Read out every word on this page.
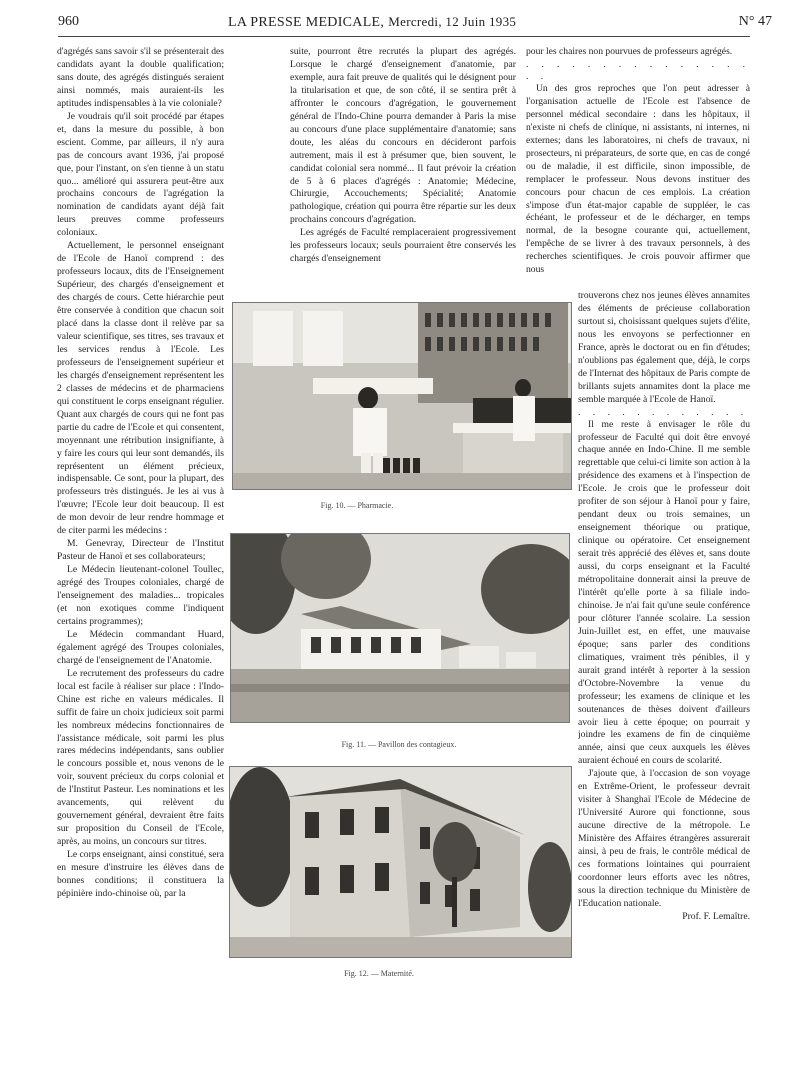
960	LA PRESSE MEDICALE, Mercredi, 12 Juin 1935	N° 47

d'agrégés sans savoir s'il se présenterait des candidats ayant la double qualification; sans doute, des agrégés distingués seraient ainsi nommés, mais auraient-ils les aptitudes indispensables à la vie coloniale?

Je voudrais qu'il soit procédé par étapes et, dans la mesure du possible, à bon escient. Comme, par ailleurs, il n'y aura pas de concours avant 1936, j'ai proposé que, pour l'instant, on s'en tienne à un statu quo... amélioré qui assurera peut-être aux prochains concours de l'agrégation la nomination de candidats ayant déjà fait leurs preuves comme professeurs coloniaux.

Actuellement, le personnel enseignant de l'Ecole de Hanoï comprend : des professeurs locaux, dits de l'Enseignement Supérieur, des chargés d'enseignement et des chargés de cours. Cette hiérarchie peut être conservée à condition que chacun soit placé dans la classe dont il relève par sa valeur scientifique, ses titres, ses travaux et les services rendus à l'Ecole. Les professeurs de l'enseignement supérieur et les chargés d'enseignement représentent les 2 classes de médecins et de pharmaciens qui constituent le corps enseignant régulier. Quant aux chargés de cours qui ne font pas partie du cadre de l'Ecole et qui consentent, moyennant une rétribution insignifiante, à y faire les cours qui leur sont demandés, ils représentent un élément précieux, indispensable. Ce sont, pour la plupart, des professeurs très distingués. Je les ai vus à l'œuvre; l'Ecole leur doit beaucoup. Il est de mon devoir de leur rendre hommage et de citer parmi les médecins :

M. Genevray, Directeur de l'Institut Pasteur de Hanoï et ses collaborateurs;

Le Médecin lieutenant-colonel Toullec, agrégé des Troupes coloniales, chargé de l'enseignement des maladies... tropicales (et non exotiques comme l'indiquent certains programmes);

Le Médecin commandant Huard, également agrégé des Troupes coloniales, chargé de l'enseignement de l'Anatomie.

Le recrutement des professeurs du cadre local est facile à réaliser sur place : l'Indo-Chine est riche en valeurs médicales. Il suffit de faire un choix judicieux soit parmi les nombreux médecins fonctionnaires de l'assistance médicale, soit parmi les plus rares médecins indépendants, sans oublier le concours possible et, nous venons de le voir, souvent précieux du corps colonial et de l'Institut Pasteur. Les nominations et les avancements, qui relèvent du gouvernement général, devraient être faits sur proposition du Conseil de l'Ecole, après, au moins, un concours sur titres.

Le corps enseignant, ainsi constitué, sera en mesure d'instruire les élèves dans de bonnes conditions; il constituera la pépinière indo-chinoise où, par la

suite, pourront être recrutés la plupart des agrégés. Lorsque le chargé d'enseignement d'anatomie, par exemple, aura fait preuve de qualités qui le désignent pour la titularisation et que, de son côté, il se sentira prêt à affronter le concours d'agrégation, le gouvernement général de l'Indo-Chine pourra demander à Paris la mise au concours d'une place supplémentaire d'anatomie; sans doute, les aléas du concours en décideront parfois autrement, mais il est à présumer que, bien souvent, le candidat colonial sera nommé... Il faut prévoir la création de 5 à 6 places d'agrégés : Anatomie; Médecine, Chirurgie, Accouchements; Spécialité; Anatomie pathologique, création qui pourra être répartie sur les deux prochains concours d'agrégation.

Les agrégés de Faculté remplaceraient progressivement les professeurs locaux; seuls pourraient être conservés les chargés d'enseignement

pour les chaires non pourvues de professeurs agrégés.

. . . . . . . . . . . . . . . . .

Un des gros reproches que l'on peut adresser à l'organisation actuelle de l'Ecole est l'absence de personnel médical secondaire : dans les hôpitaux, il n'existe ni chefs de clinique, ni assistants, ni internes, ni externes; dans les laboratoires, ni chefs de travaux, ni prosecteurs, ni préparateurs, de sorte que, en cas de congé ou de maladie, il est difficile, sinon impossible, de remplacer le professeur. Nous devons instituer des concours pour chacun de ces emplois. La création s'impose d'un état-major capable de suppléer, le cas échéant, le professeur et de le décharger, en temps normal, de la besogne courante qui, actuellement, l'empêche de se livrer à des travaux personnels, à des recherches scientifiques. Je crois pouvoir affirmer que nous

trouverons chez nos jeunes élèves annamites des éléments de précieuse collaboration surtout si, choisissant quelques sujets d'élite, nous les envoyons se perfectionner en France, après le doctorat ou en fin d'études; n'oublions pas également que, déjà, le corps de l'Internat des hôpitaux de Paris compte de brillants sujets annamites dont la place me semble marquée à l'Ecole de Hanoï.

. . . . . . . . . . . .

Il me reste à envisager le rôle du professeur de Faculté qui doit être envoyé chaque année en Indo-Chine. Il me semble regrettable que celui-ci limite son action à la présidence des examens et à l'inspection de l'Ecole. Je crois que le professeur doit profiter de son séjour à Hanoï pour y faire, pendant deux ou trois semaines, un enseignement théorique ou pratique, clinique ou opératoire. Cet enseignement serait très apprécié des élèves et, sans doute aussi, du corps enseignant et la Faculté métropolitaine donnerait ainsi la preuve de l'intérêt qu'elle porte à sa filiale indo-chinoise. Je n'ai fait qu'une seule conférence pour clôturer l'année scolaire. La session Juin-Juillet est, en effet, une mauvaise époque; sans parler des conditions climatiques, vraiment très pénibles, il y aurait grand intérêt à reporter à la session d'Octobre-Novembre la venue du professeur; les examens de clinique et les soutenances de thèses doivent d'ailleurs avoir lieu à cette époque; on pourrait y joindre les examens de fin de cinquième année, ainsi que ceux auxquels les élèves auraient échoué en cours de scolarité.

J'ajoute que, à l'occasion de son voyage en Extrême-Orient, le professeur devrait visiter à Shanghaï l'Ecole de Médecine de l'Université Aurore qui fonctionne, sous aucune directive de la métropole. Le Ministère des Affaires étrangères assurerait ainsi, à peu de frais, le contrôle médical de ces formations lointaines qui pourraient coordonner leurs efforts avec les nôtres, sous la direction technique du Ministère de l'Education nationale.

Prof. F. Lemaître.

Fig. 10. — Pharmacie.
Fig. 11. — Pavillon des contagieux.
Fig. 12. — Maternité.
